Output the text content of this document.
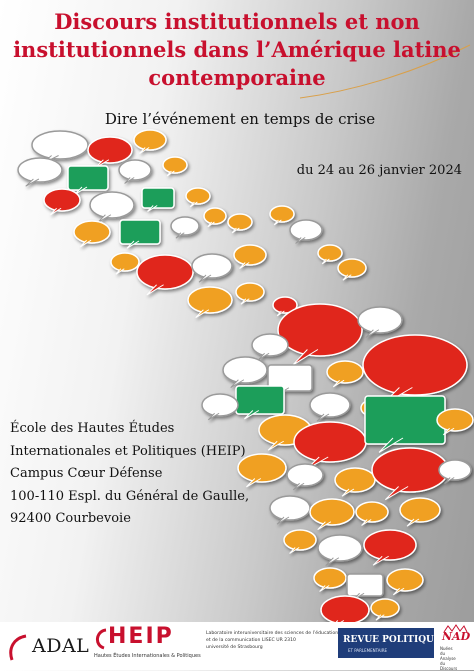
Discours institutionnels et non institutionnels dans l’Amérique latine contemporaine

Dire l’événement en temps de crise

du 24 au 26 janvier 2024

École des Hautes Études
Internationales et Politiques (HEIP)
Campus Cœur Défense
100-110 Espl. du Général de Gaulle,
92400 Courbevoie
ADAL HEIP
Hautes Études Internationales & Politiques
Laboratoire interuniversitaire des sciences de l’éducation
et de la communication LISEC UR 2310
université de Strasbourg
REVUE POLITIQUE
ET PARLEMENTAIRE
NAD
Nuées
du
Analyse
du
Discours
